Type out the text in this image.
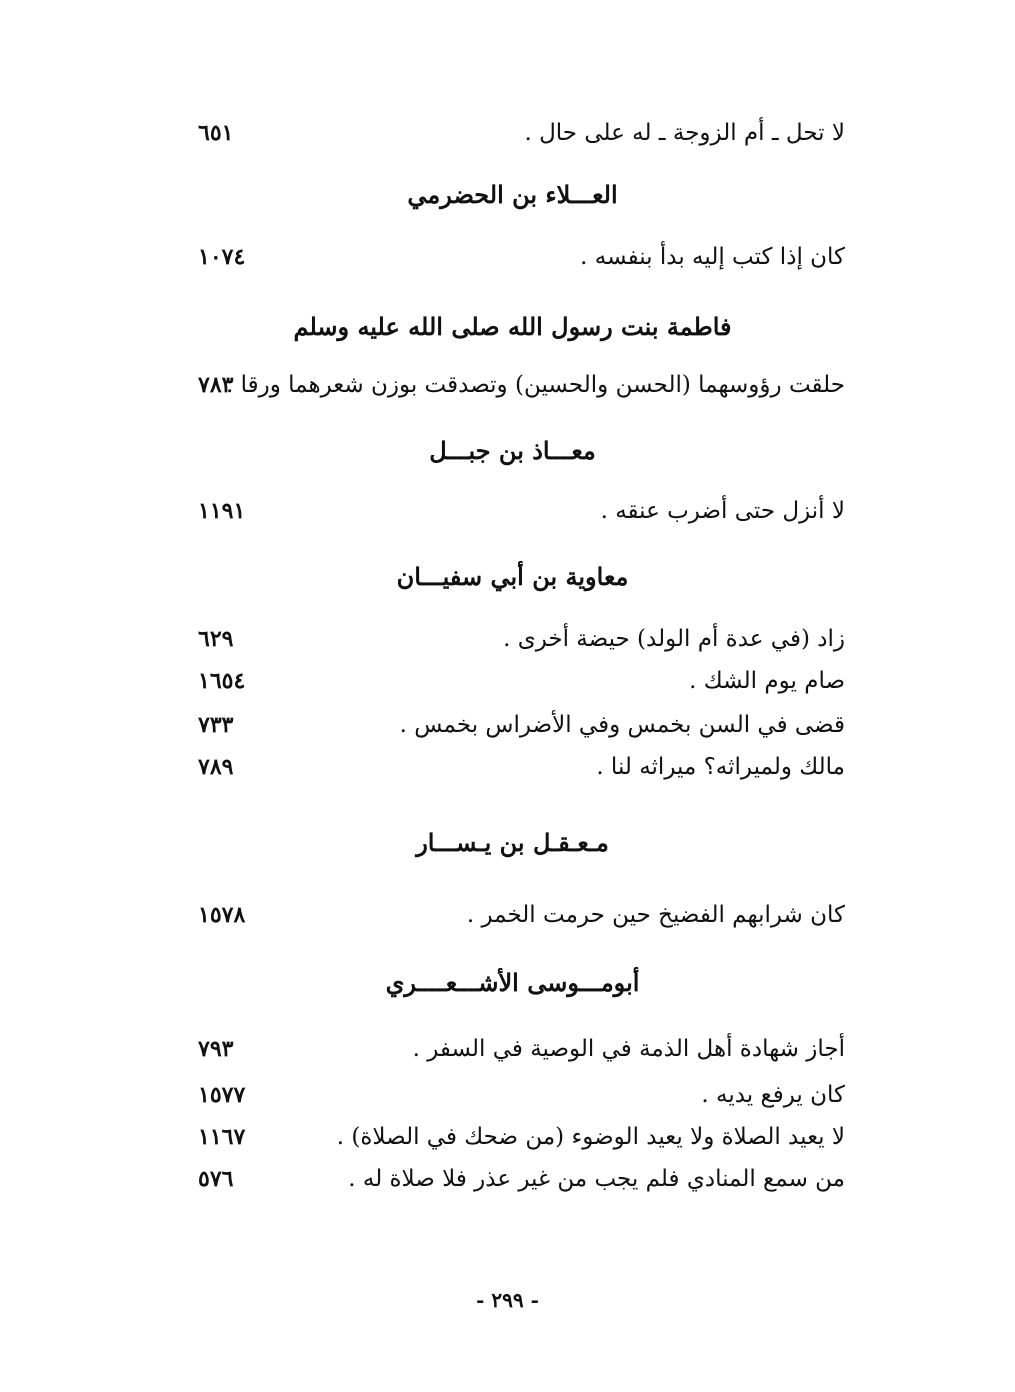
لا تحل ـ أم الزوجة ـ له على حال .
٦٥١
العـــلاء بن الحضرمي
كان إذا كتب إليه بدأ بنفسه .
١٠٧٤
فاطمة بنت رسول الله صلى الله عليه وسلم
حلقت رؤوسهما (الحسن والحسين) وتصدقت بوزن شعرهما ورقا .
٧٨٣
معـــاذ بن جبـــل
لا أنزل حتى أضرب عنقه .
١١٩١
معاوية بن أبي سفيـــان
زاد (في عدة أم الولد) حيضة أخرى .
٦٢٩
صام يوم الشك .
١٦٥٤
قضى في السن بخمس وفي الأضراس بخمس .
٧٣٣
مالك ولميراثه؟ ميراثه لنا .
٧٨٩
مـعـقـل بن يـســـار
كان شرابهم الفضيخ حين حرمت الخمر .
١٥٧٨
أبومـــوسى الأشـــعــــري
أجاز شهادة أهل الذمة في الوصية في السفر .
٧٩٣
كان يرفع يديه .
١٥٧٧
لا يعيد الصلاة ولا يعيد الوضوء (من ضحك في الصلاة) .
١١٦٧
من سمع المنادي فلم يجب من غير عذر فلا صلاة له .
٥٧٦
- ٢٩٩ -
